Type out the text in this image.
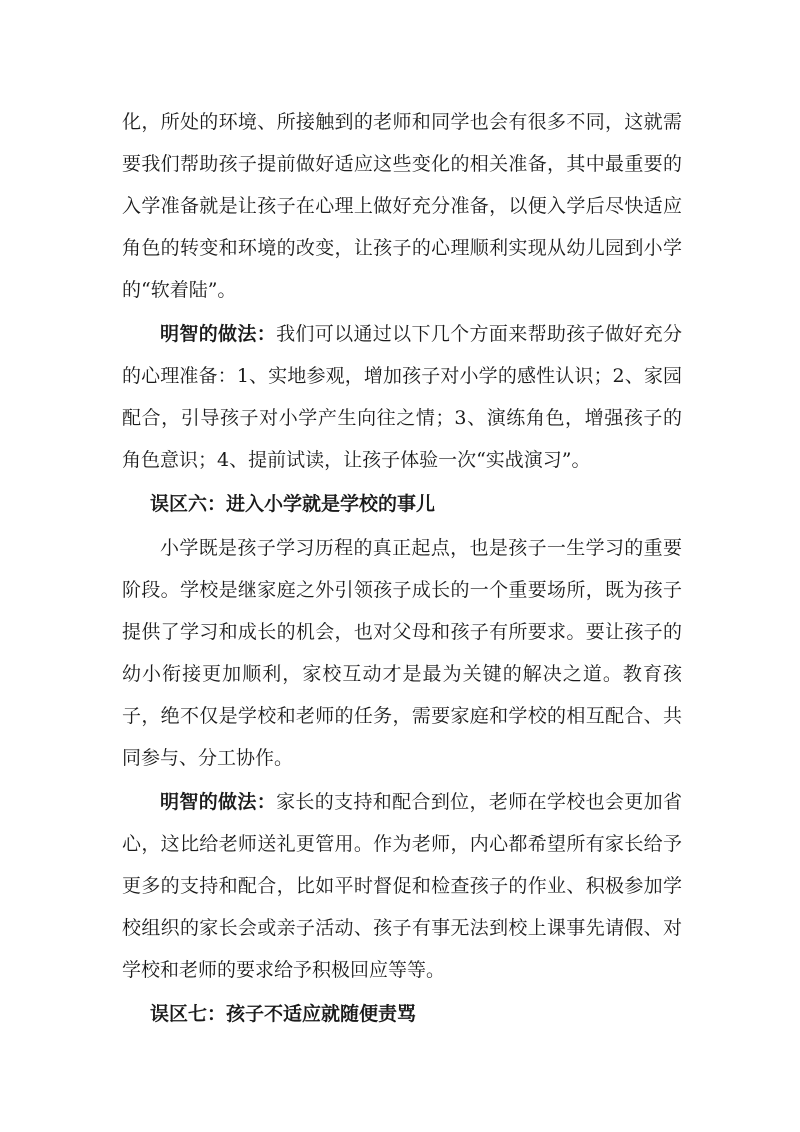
化，所处的环境、所接触到的老师和同学也会有很多不同，这就需要我们帮助孩子提前做好适应这些变化的相关准备，其中最重要的入学准备就是让孩子在心理上做好充分准备，以便入学后尽快适应角色的转变和环境的改变，让孩子的心理顺利实现从幼儿园到小学的“软着陆”。

明智的做法：我们可以通过以下几个方面来帮助孩子做好充分的心理准备：1、实地参观，增加孩子对小学的感性认识；2、家园配合，引导孩子对小学产生向往之情；3、演练角色，增强孩子的角色意识；4、提前试读，让孩子体验一次“实战演习”。

误区六：进入小学就是学校的事儿

小学既是孩子学习历程的真正起点，也是孩子一生学习的重要阶段。学校是继家庭之外引领孩子成长的一个重要场所，既为孩子提供了学习和成长的机会，也对父母和孩子有所要求。要让孩子的幼小衔接更加顺利，家校互动才是最为关键的解决之道。教育孩子，绝不仅是学校和老师的任务，需要家庭和学校的相互配合、共同参与、分工协作。

明智的做法：家长的支持和配合到位，老师在学校也会更加省心，这比给老师送礼更管用。作为老师，内心都希望所有家长给予更多的支持和配合，比如平时督促和检查孩子的作业、积极参加学校组织的家长会或亲子活动、孩子有事无法到校上课事先请假、对学校和老师的要求给予积极回应等等。

误区七：孩子不适应就随便责骂
